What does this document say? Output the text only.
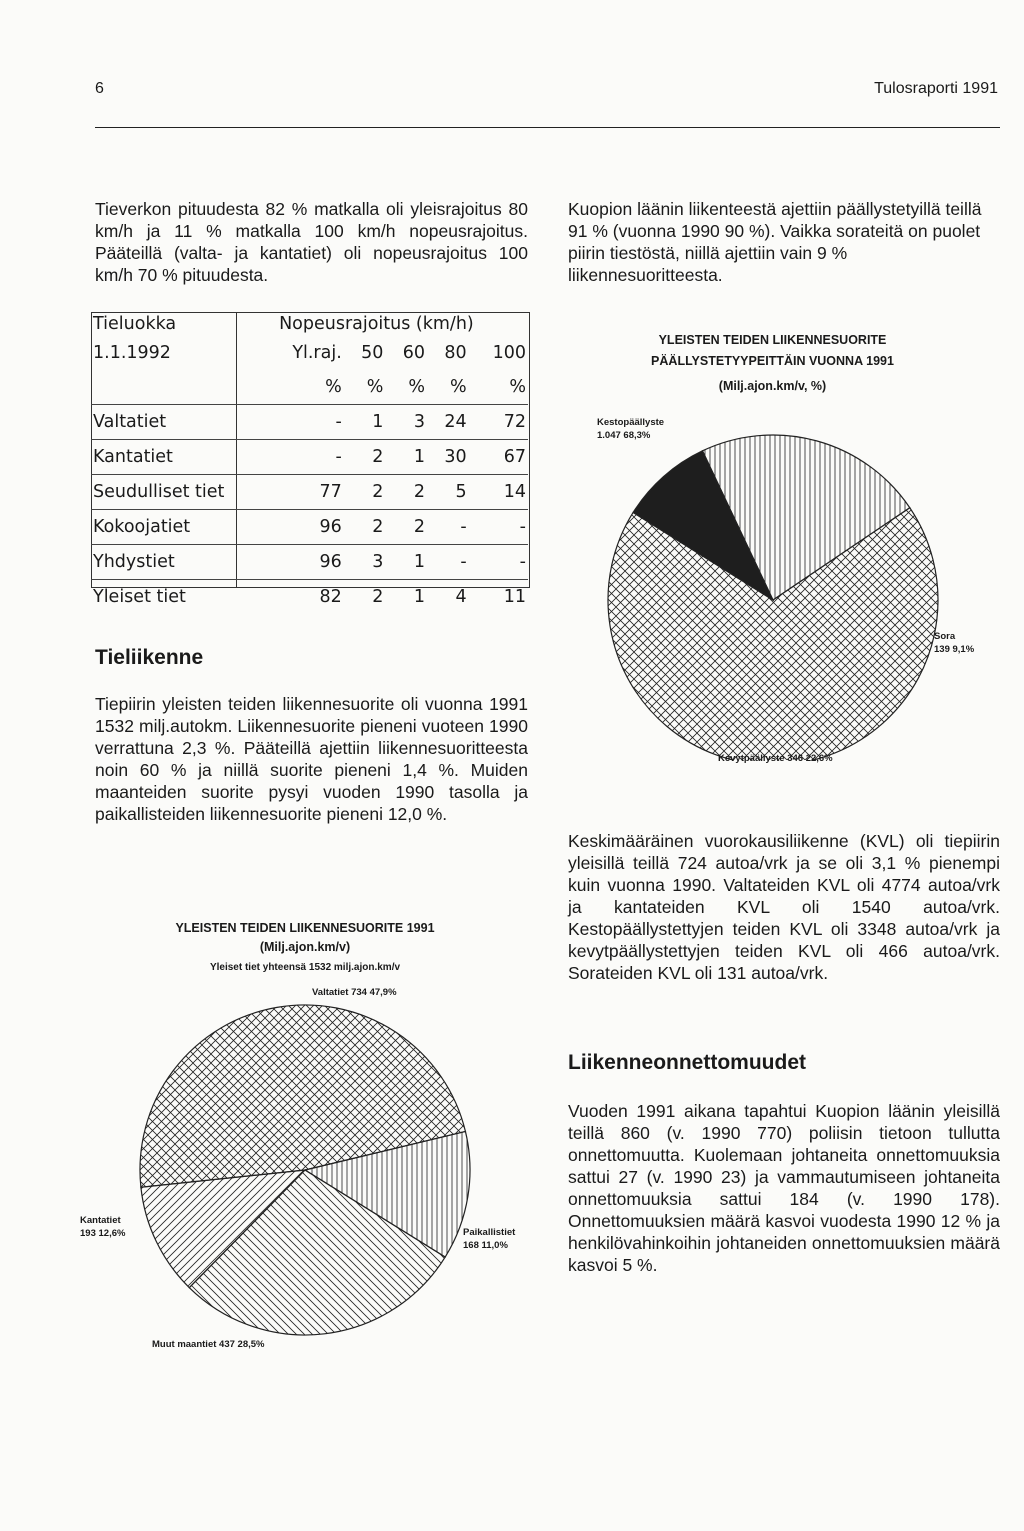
6	Tulosraporti 1991

Tieverkon pituudesta 82 % matkalla oli yleisrajoitus 80 km/h ja 11 % matkalla 100 km/h nopeusrajoitus. Pääteillä (valta- ja kantatiet) oli nopeusrajoitus 100 km/h 70 % pituudesta.

Tieluokka	Nopeusrajoitus (km/h)				
1.1.1992	Yl.raj.	50	60	80	100
	%	%	%	%	%
Valtatiet	-	1	3	24	72
Kantatiet	-	2	1	30	67
Seudulliset tiet	77	2	2	5	14
Kokoojatiet	96	2	2	-	-
Yhdystiet	96	3	1	-	-
Yleiset tiet	82	2	1	4	11
Tieliikenne

Tiepiirin yleisten teiden liikennesuorite oli vuonna 1991 1532 milj.autokm. Liikennesuorite pieneni vuoteen 1990 verrattuna 2,3 %. Pääteillä ajettiin liikennesuoritteesta noin 60 % ja niillä suorite pieneni 1,4 %. Muiden maanteiden suorite pysyi vuoden 1990 tasolla ja paikallisteiden liikennesuorite pieneni 12,0 %.

YLEISTEN TEIDEN LIIKENNESUORITE 1991
(Milj.ajon.km/v)
Yleiset tiet yhteensä 1532 milj.ajon.km/v
Valtatiet 734 47,9%
Kantatiet
193 12,6%	Paikallistiet
168 11,0%
Muut maantiet 437 28,5%

Kuopion läänin liikenteestä ajettiin päällystetyillä teillä 91 % (vuonna 1990 90 %). Vaikka sorateitä on puolet piirin tiestöstä, niillä ajettiin vain 9 % liikennesuoritteesta.

YLEISTEN TEIDEN LIIKENNESUORITE PÄÄLLYSTETYYPEITTÄIN VUONNA 1991
(Milj.ajon.km/v, %)
Kestopäällyste
1.047 68,3%
Sora
139 9,1%
Kevytpäällyste 346 22,6%

Keskimääräinen vuorokausiliikenne (KVL) oli tiepiirin yleisillä teillä 724 autoa/vrk ja se oli 3,1 % pienempi kuin vuonna 1990. Valtateiden KVL oli 4774 autoa/vrk ja kantateiden KVL oli 1540 autoa/vrk. Kestopäällystettyjen teiden KVL oli 3348 autoa/vrk ja kevytpäällystettyjen teiden KVL oli 466 autoa/vrk. Sorateiden KVL oli 131 autoa/vrk.

Liikenneonnettomuudet

Vuoden 1991 aikana tapahtui Kuopion läänin yleisillä teillä 860 (v. 1990 770) poliisin tietoon tullutta onnettomuutta. Kuolemaan johtaneita onnettomuuksia sattui 27 (v. 1990 23) ja vammautumiseen johtaneita onnettomuuksia sattui 184 (v. 1990 178). Onnettomuuksien määrä kasvoi vuodesta 1990 12 % ja henkilövahinkoihin johtaneiden onnettomuuksien määrä kasvoi 5 %.
